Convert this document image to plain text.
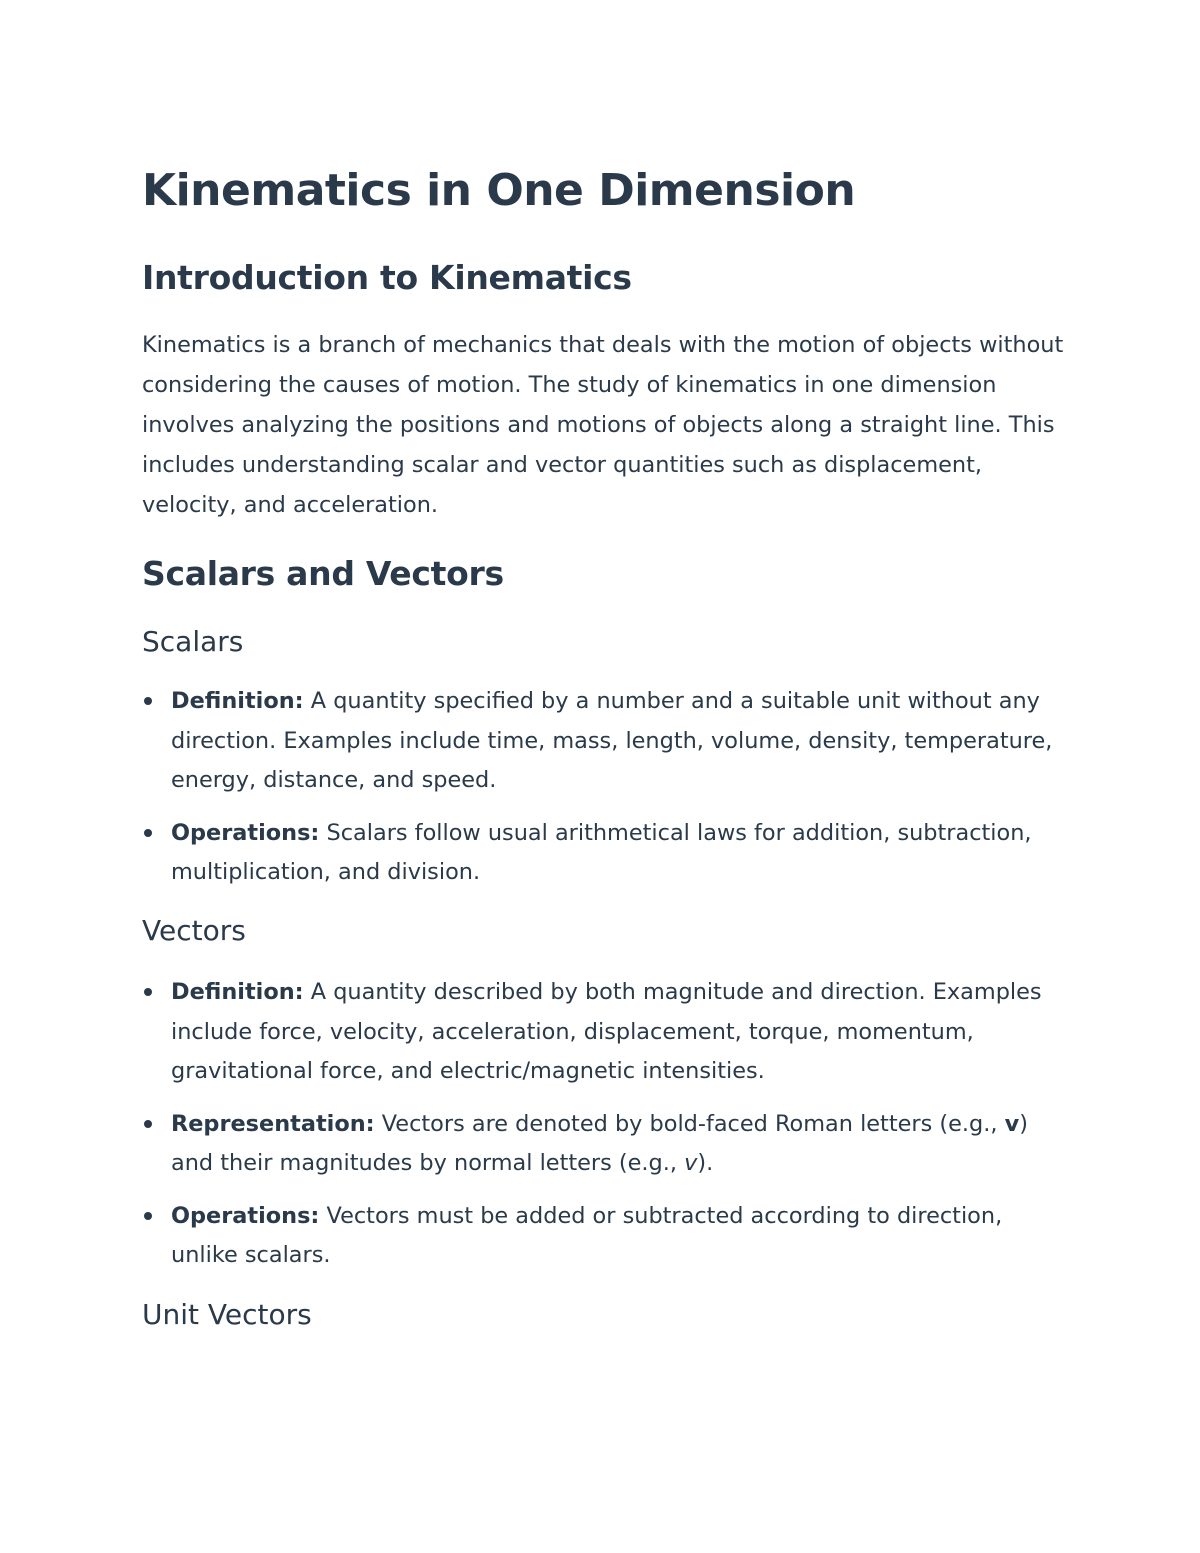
Kinematics in One Dimension
Introduction to Kinematics

Kinematics is a branch of mechanics that deals with the motion of objects without considering the causes of motion. The study of kinematics in one dimension involves analyzing the positions and motions of objects along a straight line. This includes understanding scalar and vector quantities such as displacement, velocity, and acceleration.

Scalars and Vectors
Scalars
Definition: A quantity specified by a number and a suitable unit without any direction. Examples include time, mass, length, volume, density, temperature, energy, distance, and speed.
Operations: Scalars follow usual arithmetical laws for addition, subtraction, multiplication, and division.
Vectors
Definition: A quantity described by both magnitude and direction. Examples include force, velocity, acceleration, displacement, torque, momentum, gravitational force, and electric/magnetic intensities.
Representation: Vectors are denoted by bold-faced Roman letters (e.g., v) and their magnitudes by normal letters (e.g., v).
Operations: Vectors must be added or subtracted according to direction, unlike scalars.
Unit Vectors
